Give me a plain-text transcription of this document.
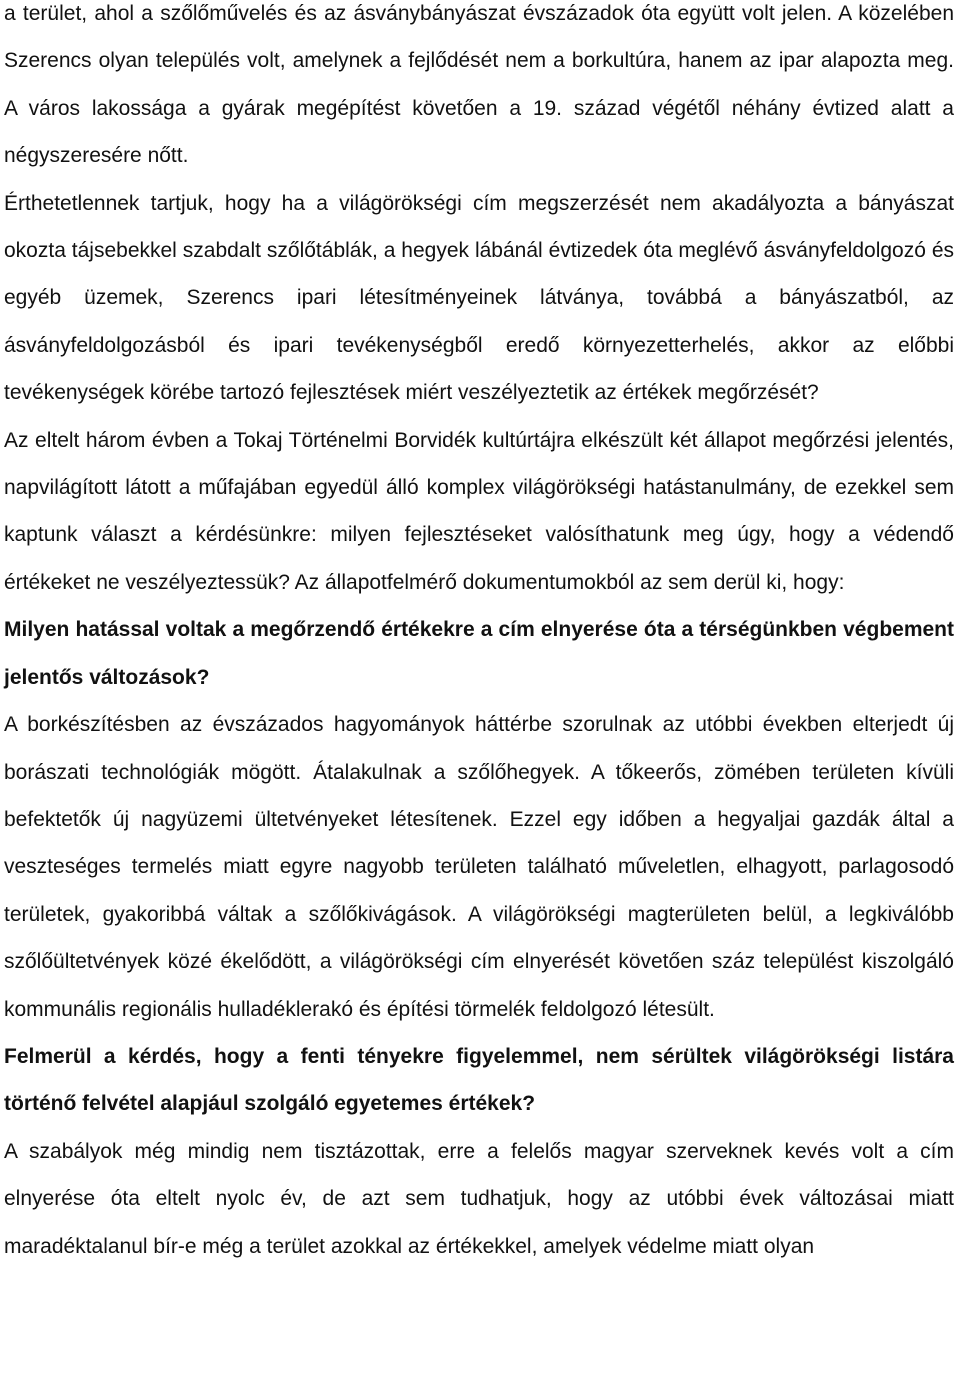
a terület, ahol a szőlőművelés és az ásványbányászat évszázadok óta együtt volt jelen. A közelében Szerencs olyan település volt, amelynek a fejlődését nem a borkultúra, hanem az ipar alapozta meg. A város lakossága a gyárak megépítést követően a 19. század végétől néhány évtized alatt a négyszeresére nőtt.

Érthetetlennek tartjuk, hogy ha a világörökségi cím megszerzését nem akadályozta a bányászat okozta tájsebekkel szabdalt szőlőtáblák, a hegyek lábánál évtizedek óta meglévő ásványfeldolgozó és egyéb üzemek, Szerencs ipari létesítményeinek látványa, továbbá a bányászatból, az ásványfeldolgozásból és ipari tevékenységből eredő környezetterhelés, akkor az előbbi tevékenységek körébe tartozó fejlesztések miért veszélyeztetik az értékek megőrzését?

Az eltelt három évben a Tokaj Történelmi Borvidék kultúrtájra elkészült két állapot megőrzési jelentés, napvilágított látott a műfajában egyedül álló komplex világörökségi hatástanulmány, de ezekkel sem kaptunk választ a kérdésünkre: milyen fejlesztéseket valósíthatunk meg úgy, hogy a védendő értékeket ne veszélyeztessük? Az állapotfelmérő dokumentumokból az sem derül ki, hogy:

Milyen hatással voltak a megőrzendő értékekre a cím elnyerése óta a térségünkben végbement jelentős változások?

A borkészítésben az évszázados hagyományok háttérbe szorulnak az utóbbi években elterjedt új borászati technológiák mögött. Átalakulnak a szőlőhegyek. A tőkeerős, zömében területen kívüli befektetők új nagyüzemi ültetvényeket létesítenek. Ezzel egy időben a hegyaljai gazdák által a veszteséges termelés miatt egyre nagyobb területen található műveletlen, elhagyott, parlagosodó területek, gyakoribbá váltak a szőlőkivágások. A világörökségi magterületen belül, a legkiválóbb szőlőültetvények közé ékelődött, a világörökségi cím elnyerését követően száz települést kiszolgáló kommunális regionális hulladéklerakó és építési törmelék feldolgozó létesült.

Felmerül a kérdés, hogy a fenti tényekre figyelemmel, nem sérültek világörökségi listára történő felvétel alapjául szolgáló egyetemes értékek?

A szabályok még mindig nem tisztázottak, erre a felelős magyar szerveknek kevés volt a cím elnyerése óta eltelt nyolc év, de azt sem tudhatjuk, hogy az utóbbi évek változásai miatt maradéktalanul bír-e még a terület azokkal az értékekkel, amelyek védelme miatt olyan
